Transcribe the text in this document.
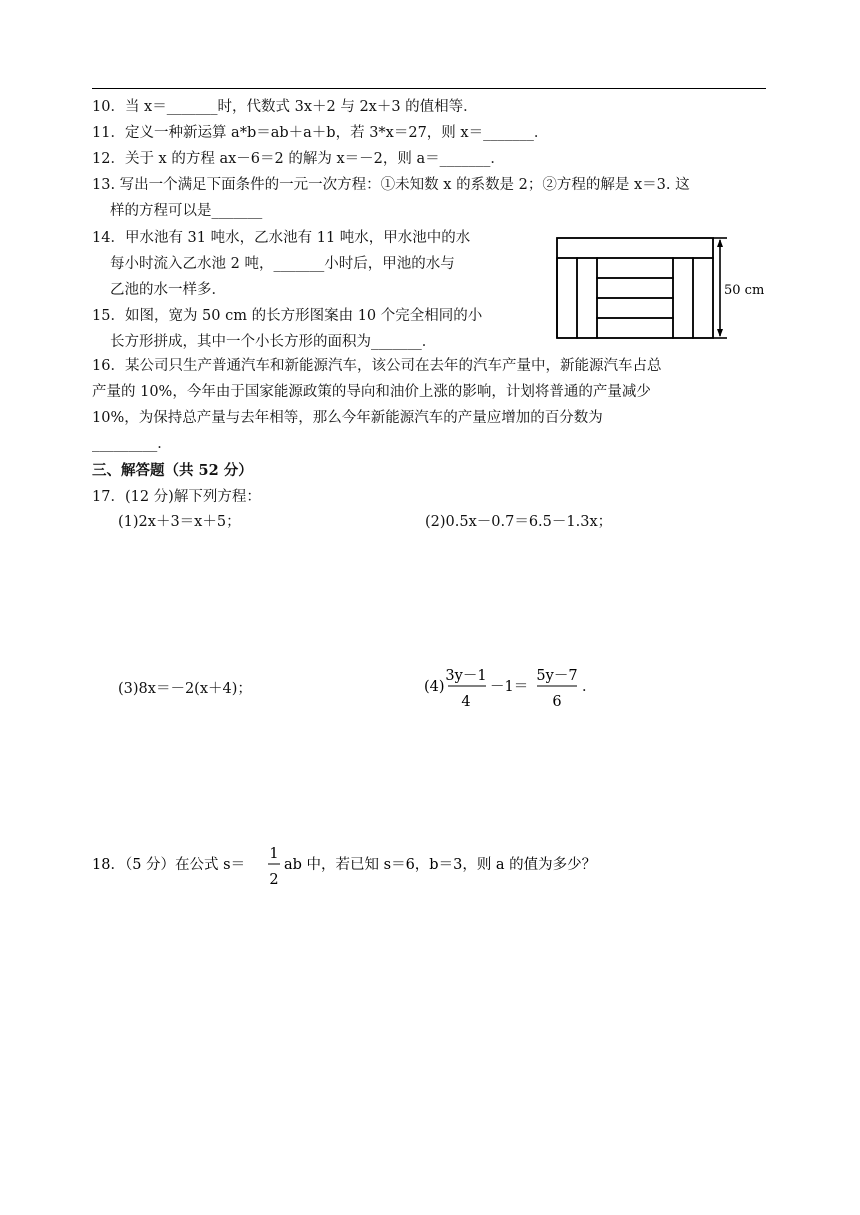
10．当 x＝_______时，代数式 3x＋2 与 2x＋3 的值相等．
11．定义一种新运算 a*b＝ab＋a＋b，若 3*x＝27，则 x＝_______．
12．关于 x 的方程 ax－6＝2 的解为 x＝－2，则 a＝_______．
13. 写出一个满足下面条件的一元一次方程：①未知数 x 的系数是 2；②方程的解是 x＝3. 这
样的方程可以是_______
14．甲水池有 31 吨水，乙水池有 11 吨水，甲水池中的水
每小时流入乙水池 2 吨，_______小时后，甲池的水与
乙池的水一样多．
15．如图，宽为 50 cm 的长方形图案由 10 个完全相同的小
长方形拼成，其中一个小长方形的面积为_______．
50 cm
16．某公司只生产普通汽车和新能源汽车，该公司在去年的汽车产量中，新能源汽车占总
产量的 10%，今年由于国家能源政策的导向和油价上涨的影响，计划将普通的产量减少
10%，为保持总产量与去年相等，那么今年新能源汽车的产量应增加的百分数为
_________．
三、解答题（共 52 分）
17．(12 分)解下列方程：
(1)2x＋3＝x＋5；	(2)0.5x－0.7＝6.5－1.3x；
(3)8x＝－2(x＋4)；	(4)
3y－1
4
－1＝
5y－7
6
．
18．（5 分）在公式 s＝
1
2
ab 中，若已知 s＝6，b＝3，则 a 的值为多少？
